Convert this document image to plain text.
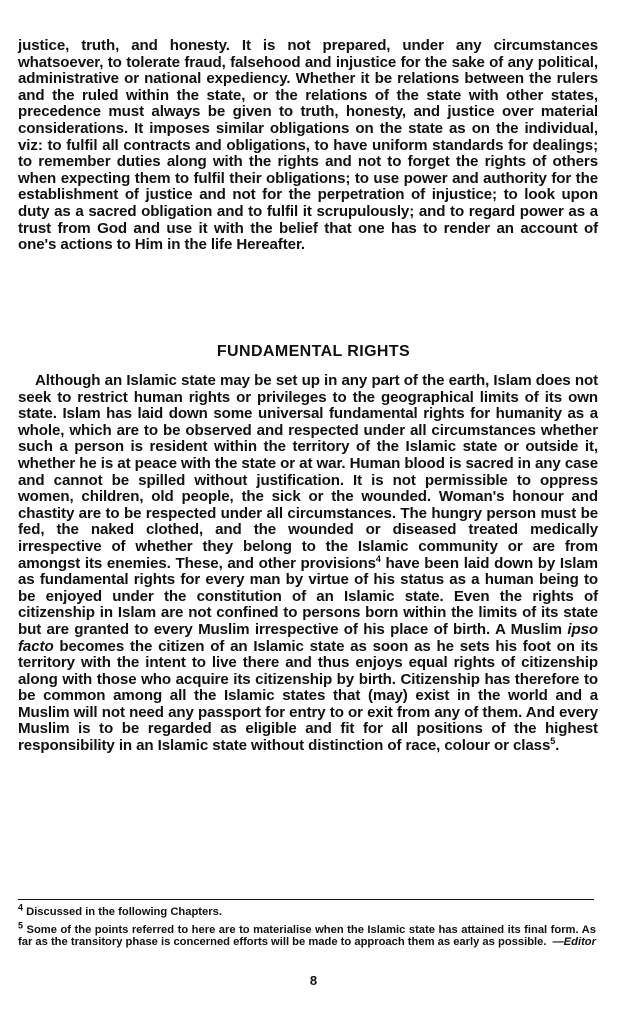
justice, truth, and honesty. It is not prepared, under any circumstances whatsoever, to tolerate fraud, falsehood and injustice for the sake of any political, administrative or national expediency. Whether it be relations between the rulers and the ruled within the state, or the relations of the state with other states, precedence must always be given to truth, honesty, and justice over material considerations. It imposes similar obligations on the state as on the individual, viz: to fulfil all contracts and obligations, to have uniform standards for dealings; to remember duties along with the rights and not to forget the rights of others when expecting them to fulfil their obligations; to use power and authority for the establishment of justice and not for the perpetration of injustice; to look upon duty as a sacred obligation and to fulfil it scrupulously; and to regard power as a trust from God and use it with the belief that one has to render an account of one's actions to Him in the life Hereafter.

FUNDAMENTAL RIGHTS

Although an Islamic state may be set up in any part of the earth, Islam does not seek to restrict human rights or privileges to the geographical limits of its own state. Islam has laid down some universal fundamental rights for humanity as a whole, which are to be observed and respected under all circumstances whether such a person is resident within the territory of the Islamic state or outside it, whether he is at peace with the state or at war. Human blood is sacred in any case and cannot be spilled without justification. It is not permissible to oppress women, children, old people, the sick or the wounded. Woman's honour and chastity are to be respected under all circumstances. The hungry person must be fed, the naked clothed, and the wounded or diseased treated medically irrespective of whether they belong to the Islamic community or are from amongst its enemies. These, and other provisions$^4$ have been laid down by Islam as fundamental rights for every man by virtue of his status as a human being to be enjoyed under the constitution of an Islamic state. Even the rights of citizenship in Islam are not confined to persons born within the limits of its state but are granted to every Muslim irrespective of his place of birth. A Muslim ipso facto becomes the citizen of an Islamic state as soon as he sets his foot on its territory with the intent to live there and thus enjoys equal rights of citizenship along with those who acquire its citizenship by birth. Citizenship has therefore to be common among all the Islamic states that (may) exist in the world and a Muslim will not need any passport for entry to or exit from any of them. And every Muslim is to be regarded as eligible and fit for all positions of the highest responsibility in an Islamic state without distinction of race, colour or class$^5$.

$^4$ Discussed in the following Chapters.

$^5$ Some of the points referred to here are to materialise when the Islamic state has attained its final form. As far as the transitory phase is concerned efforts will be made to approach them as early as possible. —Editor

8
